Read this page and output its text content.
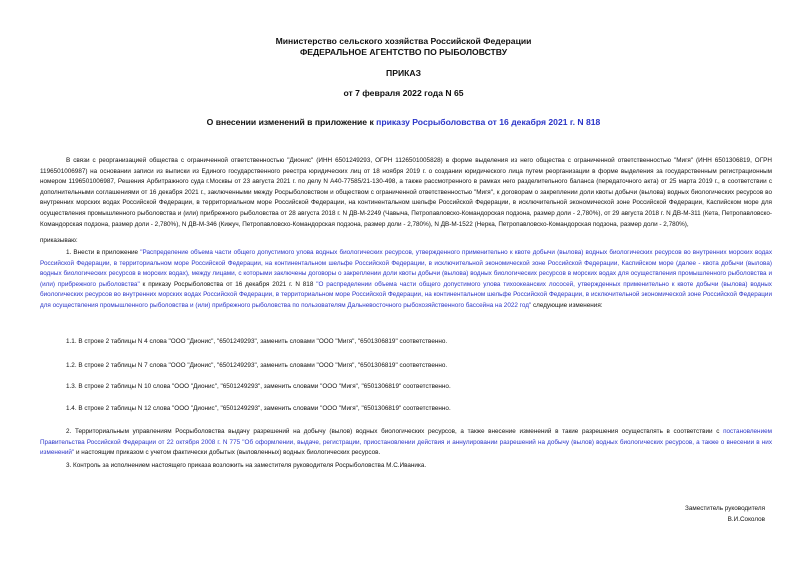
Министерство сельского хозяйства Российской Федерации
ФЕДЕРАЛЬНОЕ АГЕНТСТВО ПО РЫБОЛОВСТВУ
ПРИКАЗ
от 7 февраля 2022 года N 65
О внесении изменений в приложение к приказу Росрыболовства от 16 декабря 2021 г. N 818
В связи с реорганизацией общества с ограниченной ответственностью "Дионис" (ИНН 6501249293, ОГРН 1126501005828) в форме выделения из него общества с ограниченной ответственностью "Мигя" (ИНН 6501306819, ОГРН 1196501006987) на основании записи из выписки из Единого государственного реестра юридических лиц от 18 ноября 2019 г. о создании юридического лица путем реорганизации в форме выделения за государственным регистрационным номером 1196501006987, Решения Арбитражного суда г.Москвы от 23 августа 2021 г. по делу N А40-77585/21-130-498, а также рассмотренного в рамках него разделительного баланса (передаточного акта) от 25 марта 2019 г., в соответствии с дополнительными соглашениями от 16 декабря 2021 г., заключенными между Росрыболовством и обществом с ограниченной ответственностью "Мигя", к договорам о закреплении доли квоты добычи (вылова) водных биологических ресурсов во внутренних морских водах Российской Федерации, в территориальном море Российской Федерации, на континентальном шельфе Российской Федерации, в исключительной экономической зоне Российской Федерации, Каспийском море для осуществления промышленного рыболовства и (или) прибрежного рыболовства от 28 августа 2018 г. N ДВ-М-2249 (Чавыча, Петропавловско-Командорская подзона, размер доли - 2,780%), от 29 августа 2018 г. N ДВ-М-311 (Кета, Петропавловско-Командорская подзона, размер доли - 2,780%), N ДВ-М-346 (Кижуч, Петропавловско-Командорская подзона, размер доли - 2,780%), N ДВ-М-1522 (Нерка, Петропавловско-Командорская подзона, размер доли - 2,780%),
приказываю:
1. Внести в приложение "Распределение объема части общего допустимого улова водных биологических ресурсов, утвержденного применительно к квоте добычи (вылова) водных биологических ресурсов во внутренних морских водах Российской Федерации, в территориальном море Российской Федерации, на континентальном шельфе Российской Федерации, в исключительной экономической зоне Российской Федерации, Каспийском море (далее - квота добычи (вылова) водных биологических ресурсов в морских водах), между лицами, с которыми заключены договоры о закреплении доли квоты добычи (вылова) водных биологических ресурсов в морских водах для осуществления промышленного рыболовства и (или) прибрежного рыболовства" к приказу Росрыболовства от 16 декабря 2021 г. N 818 "О распределении объема части общего допустимого улова тихоокеанских лососей, утвержденных применительно к квоте добычи (вылова) водных биологических ресурсов во внутренних морских водах Российской Федерации, в территориальном море Российской Федерации, на континентальном шельфе Российской Федерации, в исключительной экономической зоне Российской Федерации для осуществления промышленного рыболовства и (или) прибрежного рыболовства по пользователям Дальневосточного рыбохозяйственного бассейна на 2022 год" следующие изменения:
1.1. В строке 2 таблицы N 4 слова "ООО "Дионис", "6501249293", заменить словами "ООО "Мигя", "6501306819" соответственно.
1.2. В строке 2 таблицы N 7 слова "ООО "Дионис", "6501249293", заменить словами "ООО "Мигя", "6501306819" соответственно.
1.3. В строке 2 таблицы N 10 слова "ООО "Дионис", "6501249293", заменить словами "ООО "Мигя", "6501306819" соответственно.
1.4. В строке 2 таблицы N 12 слова "ООО "Дионис", "6501249293", заменить словами "ООО "Мигя", "6501306819" соответственно.
2. Территориальным управлениям Росрыболовства выдачу разрешений на добычу (вылов) водных биологических ресурсов, а также внесение изменений в такие разрешения осуществлять в соответствии с постановлением Правительства Российской Федерации от 22 октября 2008 г. N 775 "Об оформлении, выдаче, регистрации, приостановлении действия и аннулировании разрешений на добычу (вылов) водных биологических ресурсов, а также о внесении в них изменений" и настоящим приказом с учетом фактически добытых (выловленных) водных биологических ресурсов.
3. Контроль за исполнением настоящего приказа возложить на заместителя руководителя Росрыболовства М.С.Иваника.
Заместитель руководителя
В.И.Соколов
